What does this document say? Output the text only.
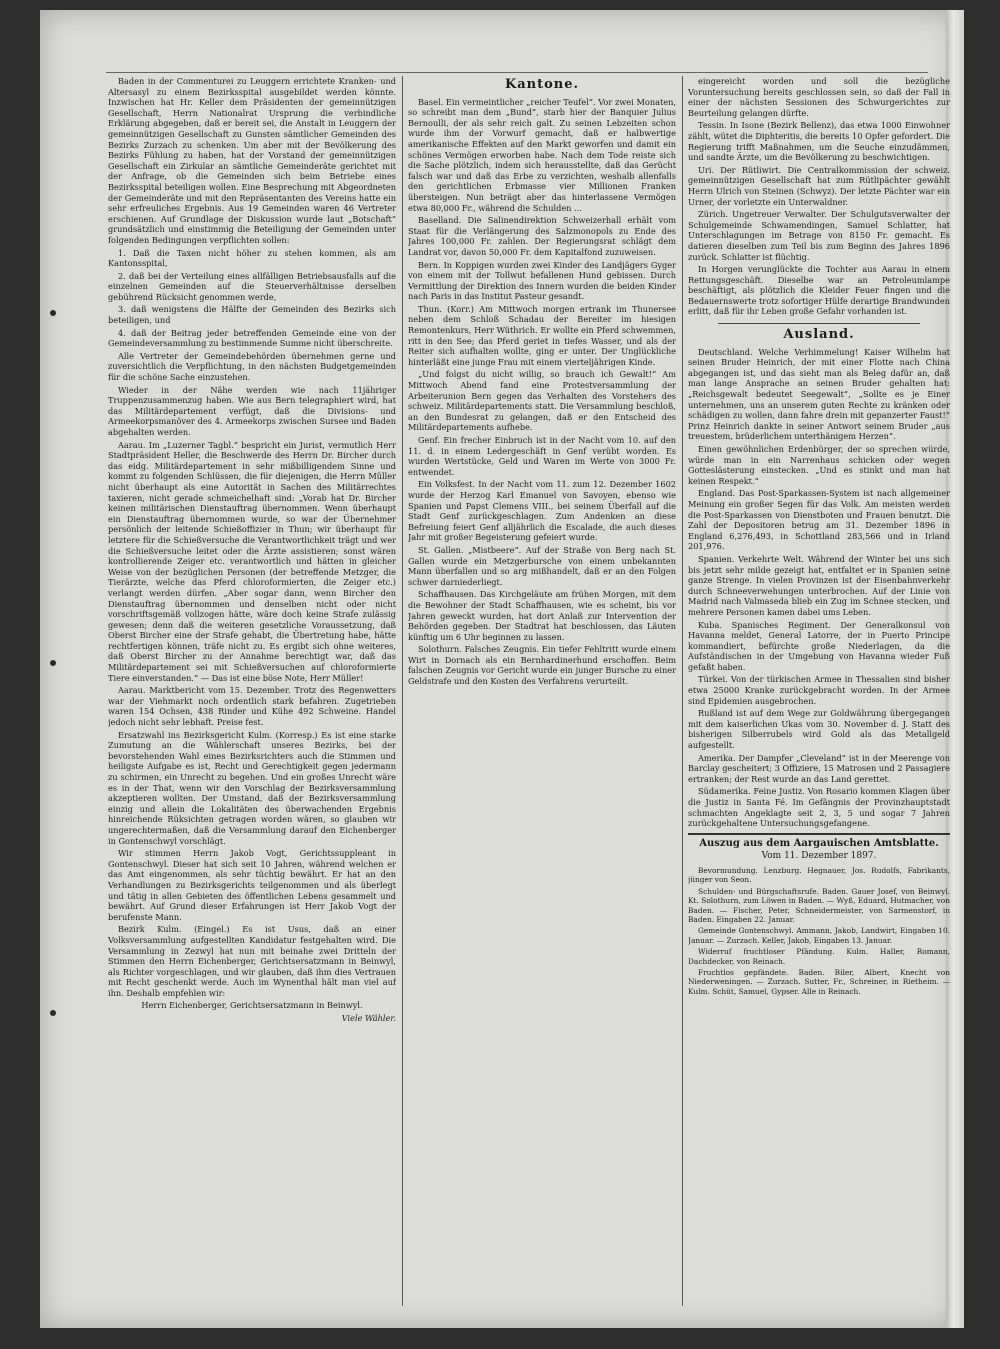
Baden in der Commenturei zu Leuggern errichtete Kranken- und Altersasyl zu einem Bezirksspital ausgebildet werden könnte. Inzwischen hat Hr. Keller dem Präsidenten der gemeinnützigen Gesellschaft, Herrn Nationalrat Ursprung die verbindliche Erklärung abgegeben, daß er bereit sei, die Anstalt in Leuggern der gemeinnützigen Gesellschaft zu Gunsten sämtlicher Gemeinden des Bezirks Zurzach zu schenken. Um aber mit der Bevölkerung des Bezirks Fühlung zu haben, hat der Vorstand der gemeinnützigen Gesellschaft ein Zirkular an sämtliche Gemeinderäte gerichtet mit der Anfrage, ob die Gemeinden sich beim Betriebe eines Bezirksspital beteiligen wollen. Eine Besprechung mit Abgeordneten der Gemeinderäte und mit den Repräsentanten des Vereins hatte ein sehr erfreuliches Ergebnis. Aus 19 Gemeinden waren 46 Vertreter erschienen. Auf Grundlage der Diskussion wurde laut „Botschaft“ grundsätzlich und einstimmig die Beteiligung der Gemeinden unter folgenden Bedingungen verpflichten sollen:

1. Daß die Taxen nicht höher zu stehen kommen, als am Kantonsspital,

2. daß bei der Verteilung eines allfälligen Betriebsausfalls auf die einzelnen Gemeinden auf die Steuerverhältnisse derselben gebührend Rücksicht genommen werde,

3. daß wenigstens die Hälfte der Gemeinden des Bezirks sich beteiligen, und

4. daß der Beitrag jeder betreffenden Gemeinde eine von der Gemeindeversammlung zu bestimmende Summe nicht überschreite.

Alle Vertreter der Gemeindebehörden übernehmen gerne und zuversichtlich die Verpflichtung, in den nächsten Budgetgemeinden für die schöne Sache einzustehen.

Wieder in der Nähe werden wie nach 11jähriger Truppenzusammenzug haben. Wie aus Bern telegraphiert wird, hat das Militärdepartement verfügt, daß die Divisions- und Armeekorpsmanöver des 4. Armeekorps zwischen Sursee und Baden abgehalten werden.

Aarau. Im „Luzerner Tagbl.“ bespricht ein Jurist, vermutlich Herr Stadtpräsident Heller, die Beschwerde des Herrn Dr. Bircher durch das eidg. Militärdepartement in sehr mißbilligendem Sinne und kommt zu folgenden Schlüssen, die für diejenigen, die Herrn Müller nicht überhaupt als eine Autorität in Sachen des Militärrechtes taxieren, nicht gerade schmeichelhaft sind: „Vorab hat Dr. Bircher keinen militärischen Dienstauftrag übernommen. Wenn überhaupt ein Dienstauftrag übernommen wurde, so war der Übernehmer persönlich der leitende Schießoffizier in Thun; wir überhaupt für letztere für die Schießversuche die Verantwortlichkeit trägt und wer die Schießversuche leitet oder die Ärzte assistieren; sonst wären kontrollierende Zeiger etc. verantwortlich und hätten in gleicher Weise von der bezüglichen Personen (der betreffende Metzger, die Tierärzte, welche das Pferd chloroformierten, die Zeiger etc.) verlangt werden dürfen. „Aber sogar dann, wenn Bircher den Dienstauftrag übernommen und denselben nicht oder nicht vorschriftsgemäß vollzogen hätte, wäre doch keine Strafe zulässig gewesen; denn daß die weiteren gesetzliche Voraussetzung, daß Oberst Bircher eine der Strafe gehabt, die Übertretung habe, hätte rechtfertigen können, träfe nicht zu. Es ergibt sich ohne weiteres, daß Oberst Bircher zu der Annahme berechtigt war, daß das Militärdepartement sei mit Schießversuchen auf chloroformierte Tiere einverstanden.“ — Das ist eine böse Note, Herr Müller!

Aarau. Marktbericht vom 15. Dezember. Trotz des Regenwetters war der Viehmarkt noch ordentlich stark befahren. Zugetrieben waren 154 Ochsen, 438 Rinder und Kühe 492 Schweine. Handel jedoch nicht sehr lebhaft. Preise fest.

Ersatzwahl ins Bezirksgericht Kulm. (Korresp.) Es ist eine starke Zumutung an die Wählerschaft unseres Bezirks, bei der bevorstehenden Wahl eines Bezirksrichters auch die Stimmen und heiligste Aufgabe es ist, Recht und Gerechtigkeit gegen jedermann zu schirmen, ein Unrecht zu begehen. Und ein großes Unrecht wäre es in der That, wenn wir den Vorschlag der Bezirksversammlung akzeptieren wollten. Der Umstand, daß der Bezirksversammlung einzig und allein die Lokalitäten des überwachenden Ergebnis hinreichende Rüksichten getragen worden wären, so glauben wir ungerechtermaßen, daß die Versammlung darauf den Eichenberger in Gontenschwyl vorschlägt.

Wir stimmen Herrn Jakob Vogt, Gerichtssuppleant in Gontenschwyl. Dieser hat sich seit 10 Jahren, während welchen er das Amt eingenommen, als sehr tüchtig bewährt. Er hat an den Verhandlungen zu Bezirksgerichts teilgenommen und als überlegt und tätig in allen Gebieten des öffentlichen Lebens gesammelt und bewährt. Auf Grund dieser Erfahrungen ist Herr Jakob Vogt der berufenste Mann.

Bezirk Kulm. (Eingel.) Es ist Usus, daß an einer Volksversammlung aufgestellten Kandidatur festgehalten wird. Die Versammlung in Zezwyl hat nun mit beinahe zwei Dritteln der Stimmen den Herrn Eichenberger, Gerichtsersatzmann in Beinwyl, als Richter vorgeschlagen, und wir glauben, daß ihm dies Vertrauen mit Recht geschenkt werde. Auch im Wynenthal hält man viel auf ihn. Deshalb empfehlen wir:

Herrn Eichenberger, Gerichtsersatzmann in Beinwyl.

Viele Wähler.

Kantone.

Basel. Ein vermeintlicher „reicher Teufel“. Vor zwei Monaten, so schreibt man dem „Bund“, starb hier der Banquier Julius Bernoulli, der als sehr reich galt. Zu seinen Lebzeiten schon wurde ihm der Vorwurf gemacht, daß er halbwertige amerikanische Effekten auf den Markt geworfen und damit ein schönes Vermögen erworben habe. Nach dem Tode reiste sich die Sache plötzlich, indem sich herausstellte, daß das Gerücht falsch war und daß das Erbe zu verzichten, weshalb allenfalls den gerichtlichen Erbmasse vier Millionen Franken übersteigen. Nun beträgt aber das hinterlassene Vermögen etwa 80,000 Fr., während die Schulden ...

Baselland. Die Salinendirektion Schweizerhall erhält vom Staat für die Verlängerung des Salzmonopols zu Ende des Jahres 100,000 Fr. zahlen. Der Regierungsrat schlägt dem Landrat vor, davon 50,000 Fr. dem Kapitalfond zuzuweisen.

Bern. In Koppigen wurden zwei Kinder des Landjägers Gyger von einem mit der Tollwut befallenen Hund gebissen. Durch Vermittlung der Direktion des Innern wurden die beiden Kinder nach Paris in das Institut Pasteur gesandt.

Thun. (Korr.) Am Mittwoch morgen ertrank im Thunersee neben dem Schloß Schadau der Bereiter im hiesigen Remontenkurs, Herr Wüthrich. Er wollte ein Pferd schwemmen, ritt in den See; das Pferd geriet in tiefes Wasser, und als der Reiter sich aufhalten wollte, ging er unter. Der Unglückliche hinterläßt eine junge Frau mit einem vierteljährigen Kinde.

„Und folgst du nicht willig, so brauch ich Gewalt!“ Am Mittwoch Abend fand eine Protestversammlung der Arbeiterunion Bern gegen das Verhalten des Vorstehers des schweiz. Militärdepartements statt. Die Versammlung beschloß, an den Bundesrat zu gelangen, daß er den Entscheid des Militärdepartements aufhebe.

Genf. Ein frecher Einbruch ist in der Nacht vom 10. auf den 11. d. in einem Ledergeschäft in Genf verübt worden. Es wurden Wertstücke, Geld und Waren im Werte von 3000 Fr. entwendet.

Ein Volksfest. In der Nacht vom 11. zum 12. Dezember 1602 wurde der Herzog Karl Emanuel von Savoyen, ebenso wie Spanien und Papst Clemens VIII., bei seinem Überfall auf die Stadt Genf zurückgeschlagen. Zum Andenken an diese Befreiung feiert Genf alljährlich die Escalade, die auch dieses Jahr mit großer Begeisterung gefeiert wurde.

St. Gallen. „Mistbeere“. Auf der Straße von Berg nach St. Gallen wurde ein Metzgerbursche von einem unbekannten Mann überfallen und so arg mißhandelt, daß er an den Folgen schwer darniederliegt.

Schaffhausen. Das Kirchgeläute am frühen Morgen, mit dem die Bewohner der Stadt Schaffhausen, wie es scheint, bis vor Jahren geweckt wurden, hat dort Anlaß zur Intervention der Behörden gegeben. Der Stadtrat hat beschlossen, das Läuten künftig um 6 Uhr beginnen zu lassen.

Solothurn. Falsches Zeugnis. Ein tiefer Fehltritt wurde einem Wirt in Dornach als ein Bernhardinerhund erschoffen. Beim falschen Zeugnis vor Gericht wurde ein junger Bursche zu einer Geldstrafe und den Kosten des Verfahrens verurteilt.

eingereicht worden und soll die bezügliche Voruntersuchung bereits geschlossen sein, so daß der Fall in einer der nächsten Sessionen des Schwurgerichtes zur Beurteilung gelangen dürfte.

Tessin. In Isone (Bezirk Bellenz), das etwa 1000 Einwohner zählt, wütet die Diphteritis, die bereits 10 Opfer gefordert. Die Regierung trifft Maßnahmen, um die Seuche einzudämmen, und sandte Ärzte, um die Bevölkerung zu beschwichtigen.

Uri. Der Rütliwirt. Die Centralkommission der schweiz. gemeinnützigen Gesellschaft hat zum Rütlipächter gewählt Herrn Ulrich von Steinen (Schwyz). Der letzte Pächter war ein Urner, der vorletzte ein Unterwaldner.

Zürich. Ungetreuer Verwalter. Der Schulgutsverwalter der Schulgemeinde Schwamendingen, Samuel Schlatter, hat Unterschlagungen im Betrage von 8150 Fr. gemacht. Es datieren dieselben zum Teil bis zum Beginn des Jahres 1896 zurück. Schlatter ist flüchtig.

In Horgen verunglückte die Tochter aus Aarau in einem Rettungsgeschäft. Dieselbe war an Petroleumlampe beschäftigt, als plötzlich die Kleider Feuer fingen und die Bedauernswerte trotz sofortiger Hülfe derartige Brandwunden erlitt, daß für ihr Leben große Gefahr vorhanden ist.

Ausland.

Deutschland. Welche Verhimmelung! Kaiser Wilhelm hat seinen Bruder Heinrich, der mit einer Flotte nach China abgegangen ist, und das sieht man als Beleg dafür an, daß man lange Ansprache an seinen Bruder gehalten hat: „Reichsgewalt bedeutet Seegewalt“, „Sollte es je Einer unternehmen, uns an unserem guten Rechte zu kränken oder schädigen zu wollen, dann fahre drein mit gepanzerter Faust!“ Prinz Heinrich dankte in seiner Antwort seinem Bruder „aus treuestem, brüderlichem unterthänigem Herzen“.

Einen gewöhnlichen Erdenbürger, der so sprechen würde, würde man in ein Narrenhaus schicken oder wegen Gotteslästerung einstecken. „Und es stinkt und man hat keinen Respekt.“

England. Das Post-Sparkassen-System ist nach allgemeiner Meinung ein großer Segen für das Volk. Am meisten werden die Post-Sparkassen von Dienstboten und Frauen benutzt. Die Zahl der Depositoren betrug am 31. Dezember 1896 in England 6,276,493, in Schottland 283,566 und in Irland 201,976.

Spanien. Verkehrte Welt. Während der Winter bei uns sich bis jetzt sehr milde gezeigt hat, entfaltet er in Spanien seine ganze Strenge. In vielen Provinzen ist der Eisenbahnverkehr durch Schneeverwehungen unterbrochen. Auf der Linie von Madrid nach Valmaseda blieb ein Zug im Schnee stecken, und mehrere Personen kamen dabei ums Leben.

Kuba. Spanisches Regiment. Der Generalkonsul von Havanna meldet, General Latorre, der in Puerto Principe kommandiert, befürchte große Niederlagen, da die Aufständischen in der Umgebung von Havanna wieder Fuß gefaßt haben.

Türkei. Von der türkischen Armee in Thessalien sind bisher etwa 25000 Kranke zurückgebracht worden. In der Armee sind Epidemien ausgebrochen.

Rußland ist auf dem Wege zur Goldwährung übergegangen mit dem kaiserlichen Ukas vom 30. November d. J. Statt des bisherigen Silberrubels wird Gold als das Metallgeld aufgestellt.

Amerika. Der Dampfer „Cleveland“ ist in der Meerenge von Barclay gescheitert; 3 Offiziere, 15 Matrosen und 2 Passagiere ertranken; der Rest wurde an das Land gerettet.

Südamerika. Feine Justiz. Von Rosario kommen Klagen über die Justiz in Santa Fé. Im Gefängnis der Provinzhauptstadt schmachten Angeklagte seit 2, 3, 5 und sogar 7 Jahren zurückgehaltene Untersuchungsgefangene.

Auszug aus dem Aargauischen Amtsblatte.
Vom 11. Dezember 1897.

Bevormundung. Lenzburg. Hegnauer, Jos. Rudolfs, Fabrikants, jünger von Seon.

Schulden- und Bürgschaftsrufe. Baden. Gauer Josef, von Beinwyl. Kt. Solothurn, zum Löwen in Baden. — Wyß, Eduard, Hutmacher, von Baden. — Fischer, Peter, Schneidermeister, von Sarmenstorf, in Baden. Eingaben 22. Januar.

Gemeinde Gontenschwyl. Ammann, Jakob, Landwirt, Eingaben 10. Januar. — Zurzach. Keller, Jakob, Eingaben 13. Januar.

Widerruf fruchtloser Pfändung. Kulm. Haller, Romann, Dachdecker, von Reinach.

Fruchtlos gepfändete. Baden. Biler, Albert, Knecht von Niederweningen. — Zurzach. Sutter, Fr., Schreiner, in Rietheim. — Kulm. Schüt, Samuel, Gypser. Alle in Reinach.
